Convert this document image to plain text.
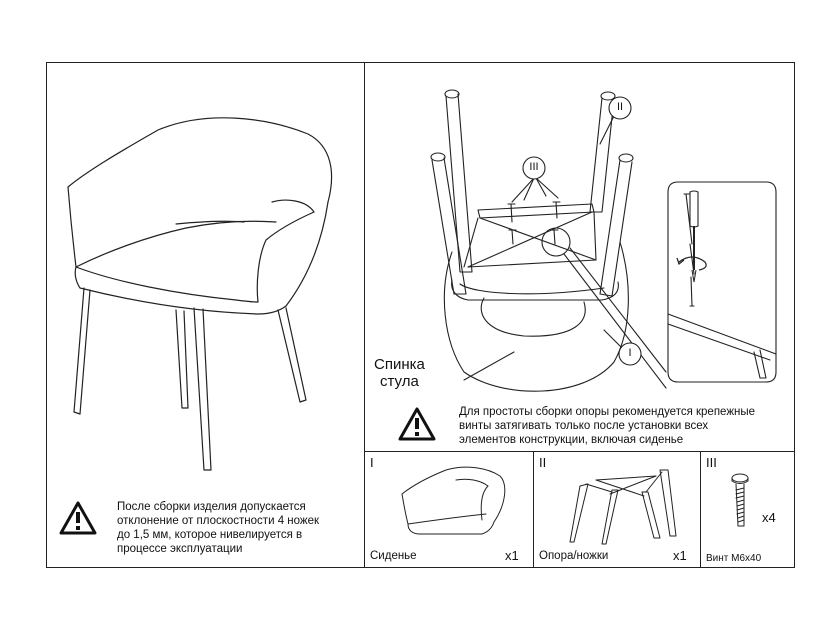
После сборки изделия допускается
отклонение от плоскостности 4 ножек
до 1,5 мм, которое нивелируется в
процессе эксплуатации
III
II
I
Спинка
стула
Для простоты сборки опоры рекомендуется крепежные
винты затягивать только после установки всех
элементов конструкции, включая сиденье
I
Сиденье	x1
II
Опора/ножки	x1
III
x4
Винт М6х40
